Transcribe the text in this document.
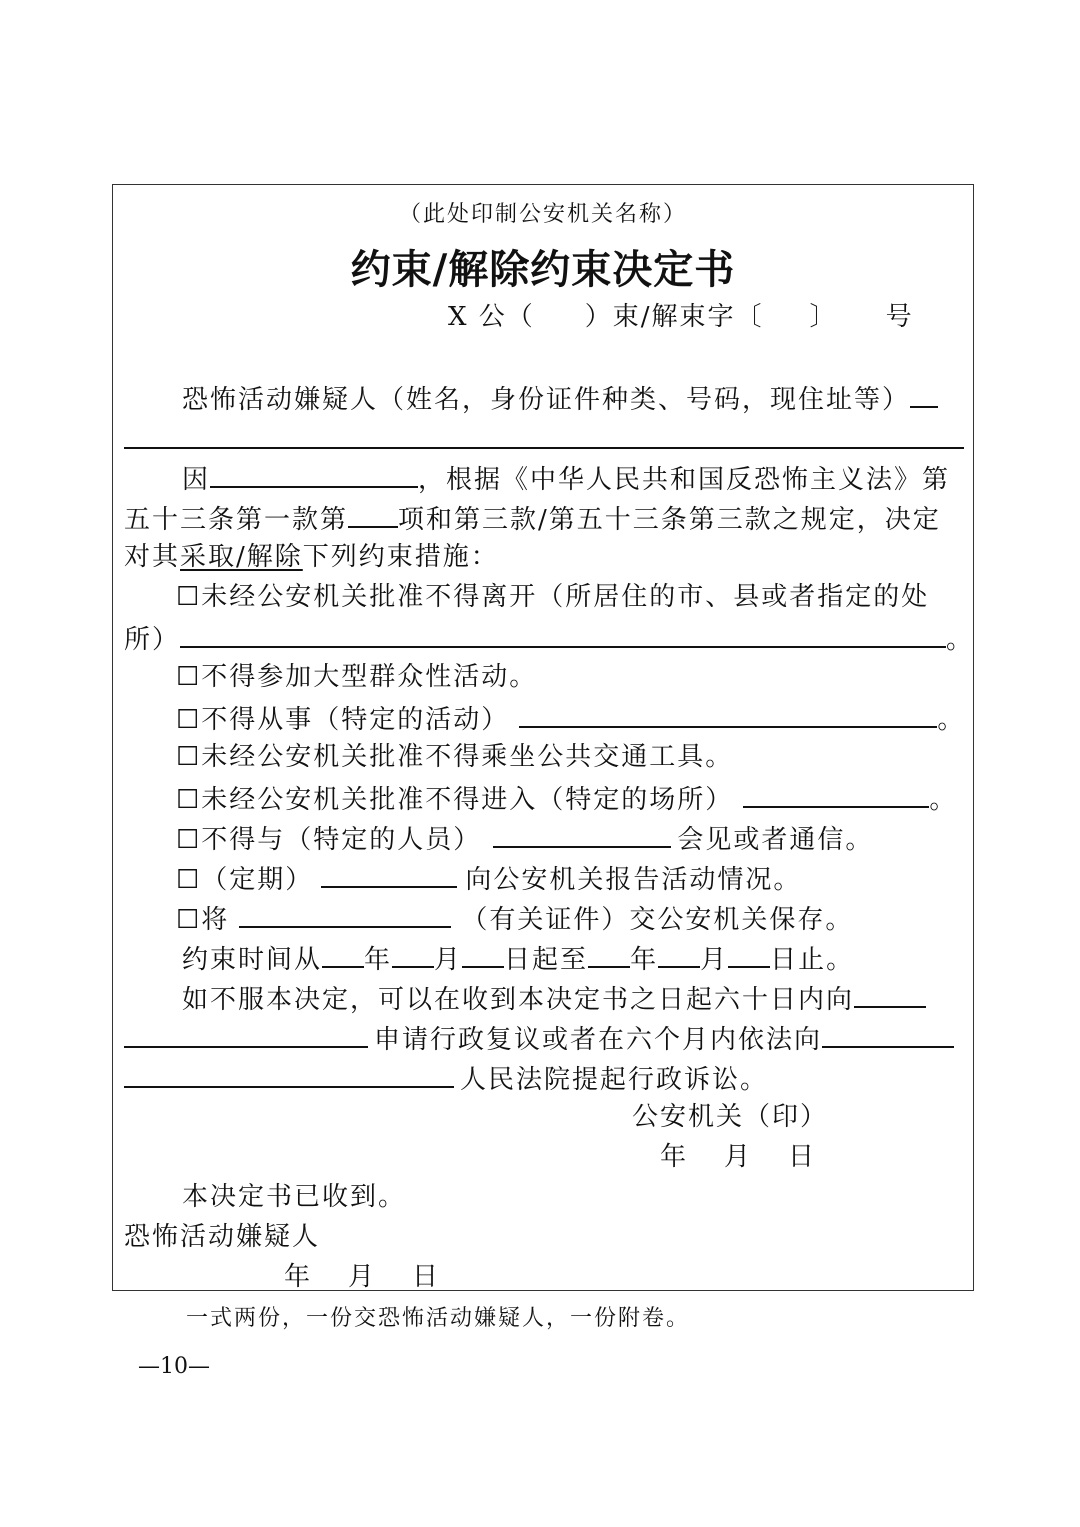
（此处印制公安机关名称）
约束/解除约束决定书
X 公（ ）束/解束字〔 〕 号
恐怖活动嫌疑人（姓名，身份证件种类、号码，现住址等）
因	，根据《中华人民共和国反恐怖主义法》第
五十三条第一款第 项和第三款/第五十三条第三款之规定，决定
对其采取/解除下列约束措施：
☐未经公安机关批准不得离开（所居住的市、县或者指定的处
所）	。
☐不得参加大型群众性活动。
☐不得从事（特定的活动）	。
☐未经公安机关批准不得乘坐公共交通工具。
☐未经公安机关批准不得进入（特定的场所）	。
☐不得与（特定的人员）	会见或者通信。
☐（定期）	向公安机关报告活动情况。
☐将	（有关证件）交公安机关保存。
约束时间从 年 月 日起至 年 月 日止。
如不服本决定，可以在收到本决定书之日起六十日内向
申请行政复议或者在六个月内依法向
人民法院提起行政诉讼。
公安机关（印）
年　月　日
本决定书已收到。
恐怖活动嫌疑人
年　月　日
一式两份，一份交恐怖活动嫌疑人，一份附卷。
—10—
